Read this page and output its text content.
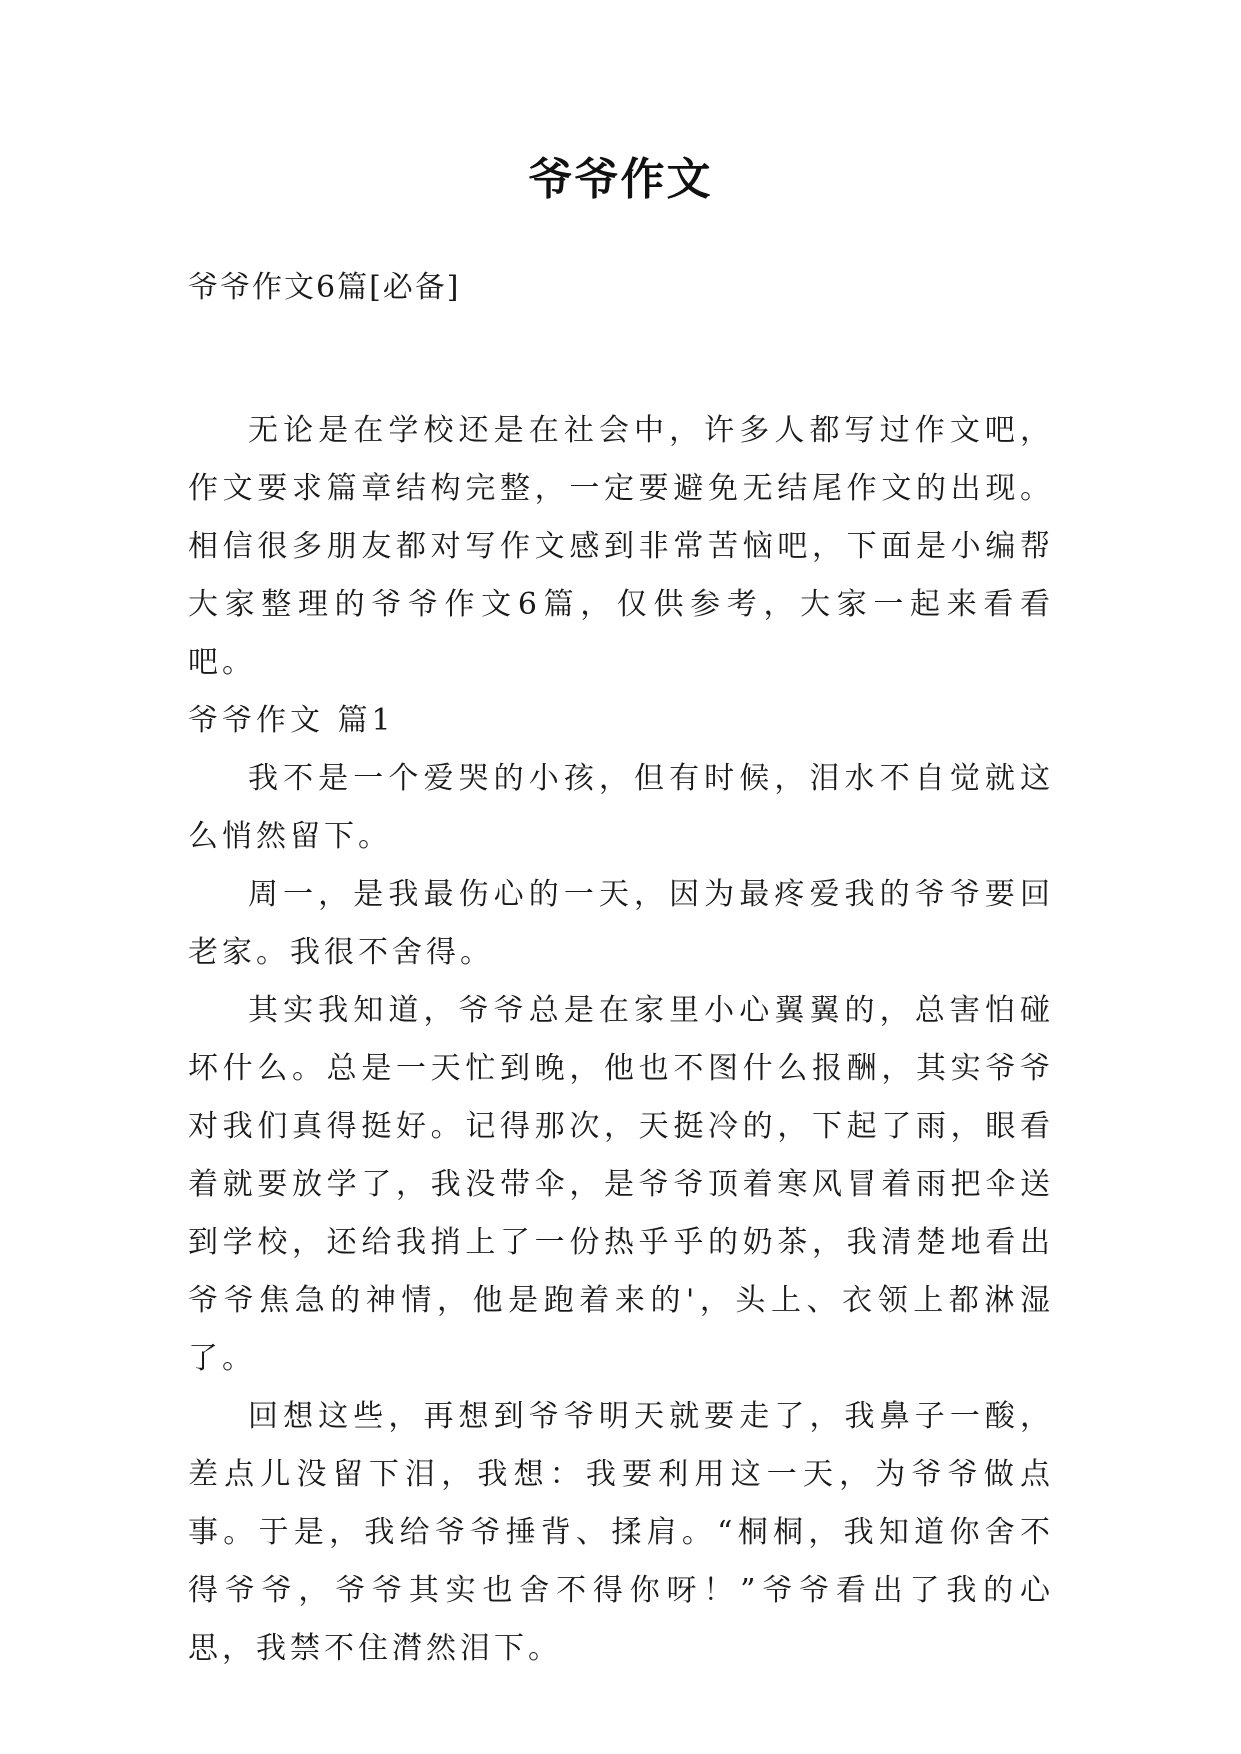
爷爷作文
爷爷作文6篇[必备]

无论是在学校还是在社会中，许多人都写过作文吧，作文要求篇章结构完整，一定要避免无结尾作文的出现。相信很多朋友都对写作文感到非常苦恼吧，下面是小编帮大家整理的爷爷作文6篇，仅供参考，大家一起来看看吧。

爷爷作文 篇1

我不是一个爱哭的小孩，但有时候，泪水不自觉就这么悄然留下。

周一，是我最伤心的一天，因为最疼爱我的爷爷要回老家。我很不舍得。

其实我知道，爷爷总是在家里小心翼翼的，总害怕碰坏什么。总是一天忙到晚，他也不图什么报酬，其实爷爷对我们真得挺好。记得那次，天挺冷的，下起了雨，眼看着就要放学了，我没带伞，是爷爷顶着寒风冒着雨把伞送到学校，还给我捎上了一份热乎乎的奶茶，我清楚地看出爷爷焦急的神情，他是跑着来的'，头上、衣领上都淋湿了。

回想这些，再想到爷爷明天就要走了，我鼻子一酸，差点儿没留下泪，我想：我要利用这一天，为爷爷做点事。于是，我给爷爷捶背、揉肩。“桐桐，我知道你舍不得爷爷，爷爷其实也舍不得你呀！”爷爷看出了我的心思，我禁不住潸然泪下。
